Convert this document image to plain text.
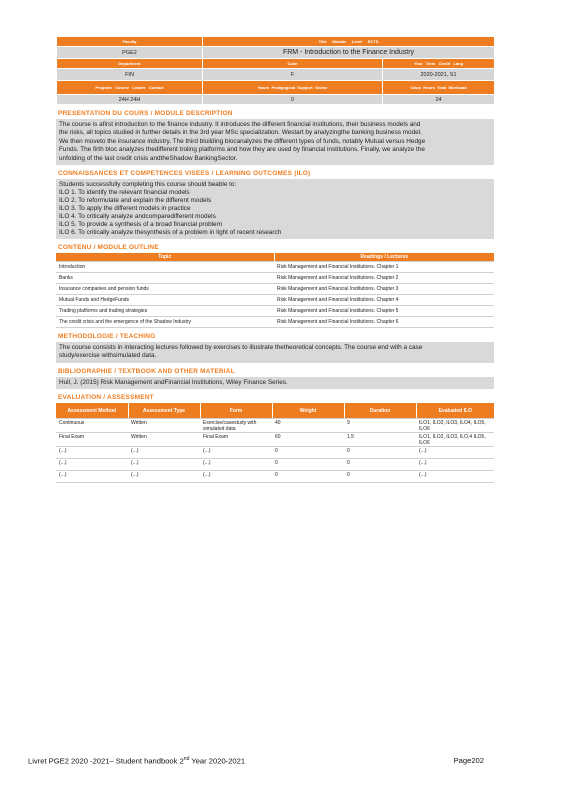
Faculty	Title Module Level ECTS	
PGE2	FRM - Introduction to the Finance Industry	
Department	Code	Year Term Credit Lang
FIN	F	2020-2021, S1
Program Course Leader Contact	Hours Pedagogical Support Online	Class Hours Total Workload
24H 24H	0	24
PRESENTATION DU COURS / MODULE DESCRIPTION
The course is afirst introduction to the finance industry. It introduces the different financial institutions, their business models and
the risks, all topics studied in further details in the 3rd year MSc specialization. Westart by analyzingthe banking business model.
We then moveto the insurance industry. The third bluilding blocanalyzes the different types of funds, notably Mutual versus Hedge
Funds. The firth bloc analyzes thedifferent troling platforms and how they are used by financial institutions. Finally, we analyze the
unfolding of the last credit crisis andtheShadow BankingSector.
CONNAISSANCES ET COMPETENCES VISEES / LEARNING OUTCOMES (ILO)
Students successfully completing this course should beable to:
ILO 1. To identify the relevant financial models
ILO 2. To reformulate and explain the different models
ILO 3. To apply the different models in practice
ILO 4. To critically analyze andcomparedifferent models
ILO 5. To provide a synthesis of a broad financial problem
ILO 6. To critically analyze thesynthesis of a problem in light of recent research
CONTENU / MODULE OUTLINE
Topic	Readings / Lectures
Introduction	Risk Management and Financial Institutions. Chapter 1
Banks	Risk Management and Financial Institutions. Chapter 2
Insurance companies and pension funds	Risk Management and Financial Institutions. Chapter 3
Mutual Funds and HedgeFunds	Risk Management and Financial Institutions. Chapter 4
Trading platforms and trading strategies	Risk Management and Financial Institutions. Chapter 5
The credit crisis and the emergence of the Shadow Industry	Risk Management and Financial Institutions. Chapter 6
METHODOLOGIE / TEACHING
The course consists in interacting lectures followed by exercises to illustrate thetheoretical concepts. The course end with a case
study/exercise withsimulated data.
BIBLIOGRAPHIE / TEXTBOOK AND OTHER MATERIAL
Hull, J. (2015) Risk Management andFinancial Institutions, Wiley Finance Series.
EVALUATION / ASSESSMENT
Assessment Method	Assessment Type	Form	Weight	Duration	Evaluated ILO
Continuous	Written	Exercise/casestudy with simulated data	40	9	ILO1, ILO2, ILO3, ILO4, ILO5, ILO6
Final Exam	Written	Final Exam	60	1.5	ILO1, ILO2, ILO3, ILO,4 ILO5, ILO6
(...)	(...)	(...)	0	0	(...)
(...)	(...)	(...)	0	0	(...)
(...)	(...)	(...)	0	0	(...)
Livret PGE2 2020 -2021– Student handbook 2nd Year 2020-2021	Page202
